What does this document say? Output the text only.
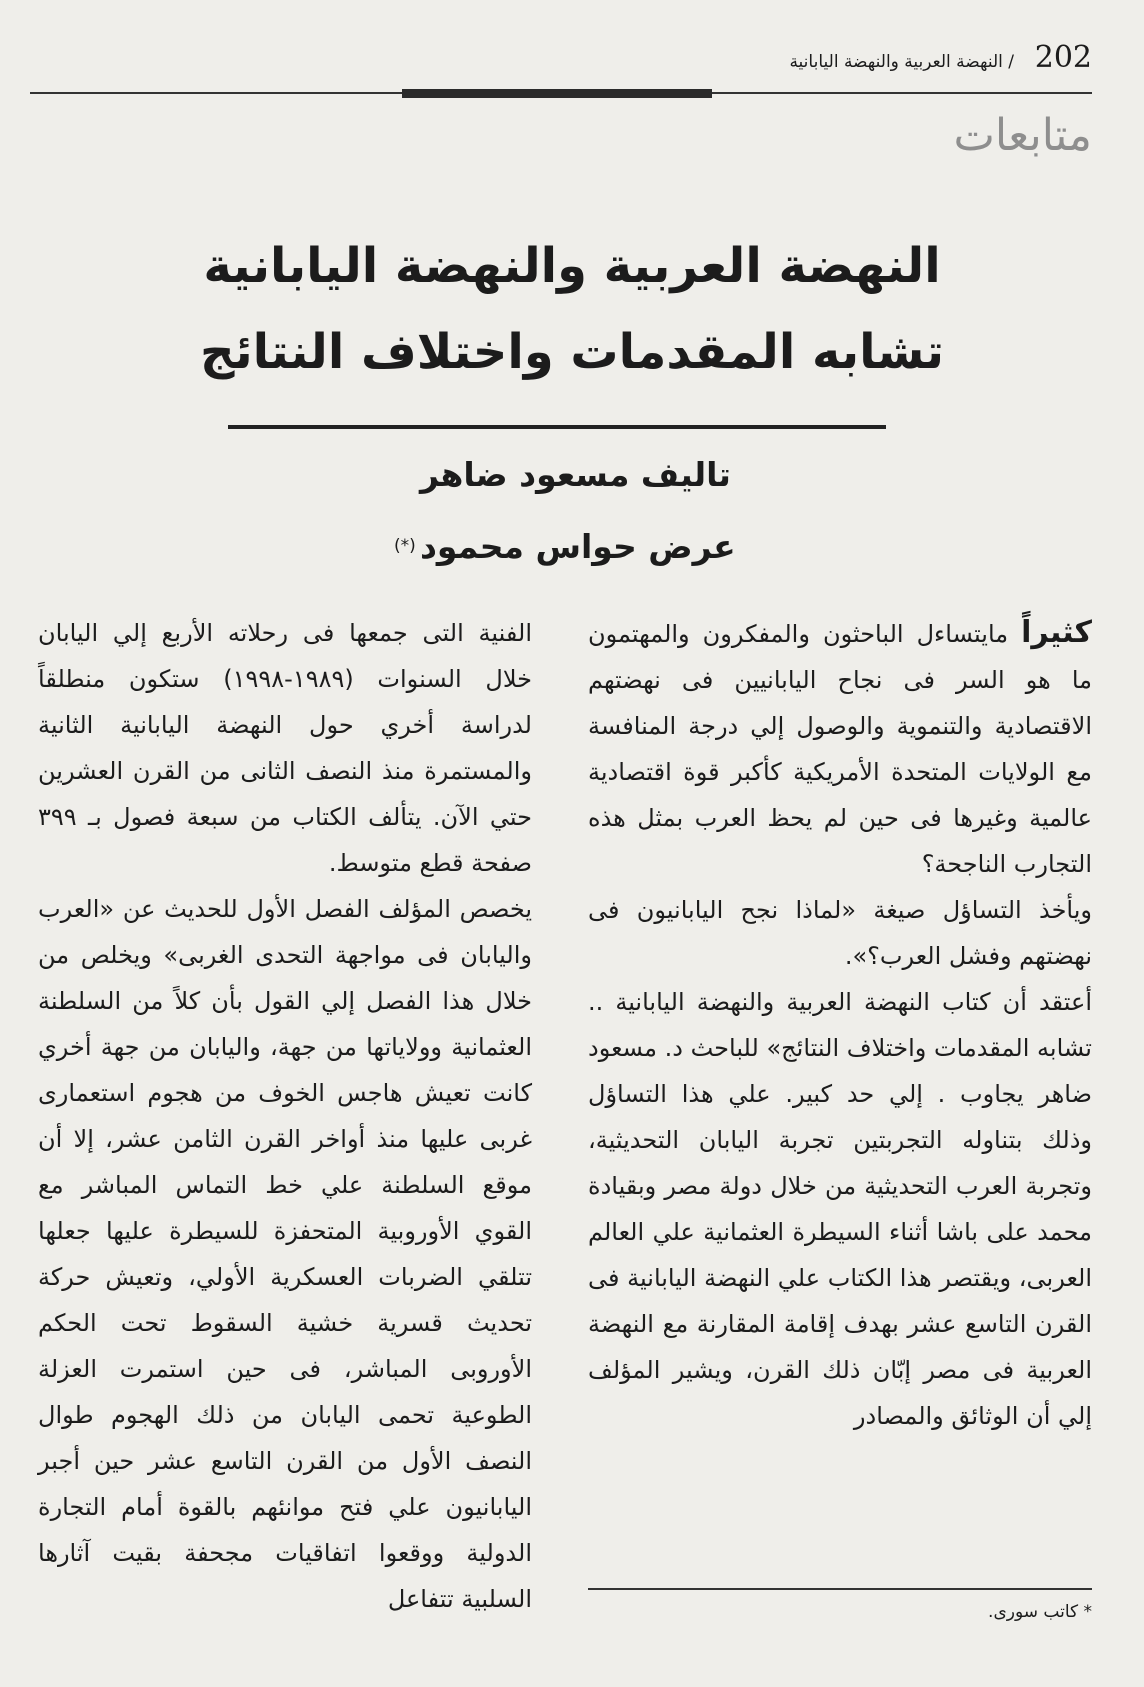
202
/ النهضة العربية والنهضة اليابانية
متابعات
النهضة العربية والنهضة اليابانية
تشابه المقدمات واختلاف النتائج
تاليف مسعود ضاهر
عرض حواس محمود
(*)

كثيراً مايتساءل الباحثون والمفكرون والمهتمون ما هو السر فى نجاح اليابانيين فى نهضتهم الاقتصادية والتنموية والوصول إلي درجة المنافسة مع الولايات المتحدة الأمريكية كأكبر قوة اقتصادية عالمية وغيرها فى حين لم يحظ العرب بمثل هذه التجارب الناجحة؟

ويأخذ التساؤل صيغة «لماذا نجح اليابانيون فى نهضتهم وفشل العرب؟».

أعتقد أن كتاب النهضة العربية والنهضة اليابانية .. تشابه المقدمات واختلاف النتائج» للباحث د. مسعود ضاهر يجاوب . إلي حد كبير. علي هذا التساؤل وذلك بتناوله التجربتين تجربة اليابان التحديثية، وتجربة العرب التحديثية من خلال دولة مصر وبقيادة محمد على باشا أثناء السيطرة العثمانية علي العالم العربى، ويقتصر هذا الكتاب علي النهضة اليابانية فى القرن التاسع عشر بهدف إقامة المقارنة مع النهضة العربية فى مصر إبّان ذلك القرن، ويشير المؤلف إلي أن الوثائق والمصادر

الفنية التى جمعها فى رحلاته الأربع إلي اليابان خلال السنوات (١٩٨٩-١٩٩٨) ستكون منطلقاً لدراسة أخري حول النهضة اليابانية الثانية والمستمرة منذ النصف الثانى من القرن العشرين حتي الآن. يتألف الكتاب من سبعة فصول بـ ٣٩٩ صفحة قطع متوسط.

يخصص المؤلف الفصل الأول للحديث عن «العرب واليابان فى مواجهة التحدى الغربى» ويخلص من خلال هذا الفصل إلي القول بأن كلاً من السلطنة العثمانية وولاياتها من جهة، واليابان من جهة أخري كانت تعيش هاجس الخوف من هجوم استعمارى غربى عليها منذ أواخر القرن الثامن عشر، إلا أن موقع السلطنة علي خط التماس المباشر مع القوي الأوروبية المتحفزة للسيطرة عليها جعلها تتلقي الضربات العسكرية الأولي، وتعيش حركة تحديث قسرية خشية السقوط تحت الحكم الأوروبى المباشر، فى حين استمرت العزلة الطوعية تحمى اليابان من ذلك الهجوم طوال النصف الأول من القرن التاسع عشر حين أجبر اليابانيون علي فتح موانئهم بالقوة أمام التجارة الدولية ووقعوا اتفاقيات مجحفة بقيت آثارها السلبية تتفاعل	* كاتب سورى.
